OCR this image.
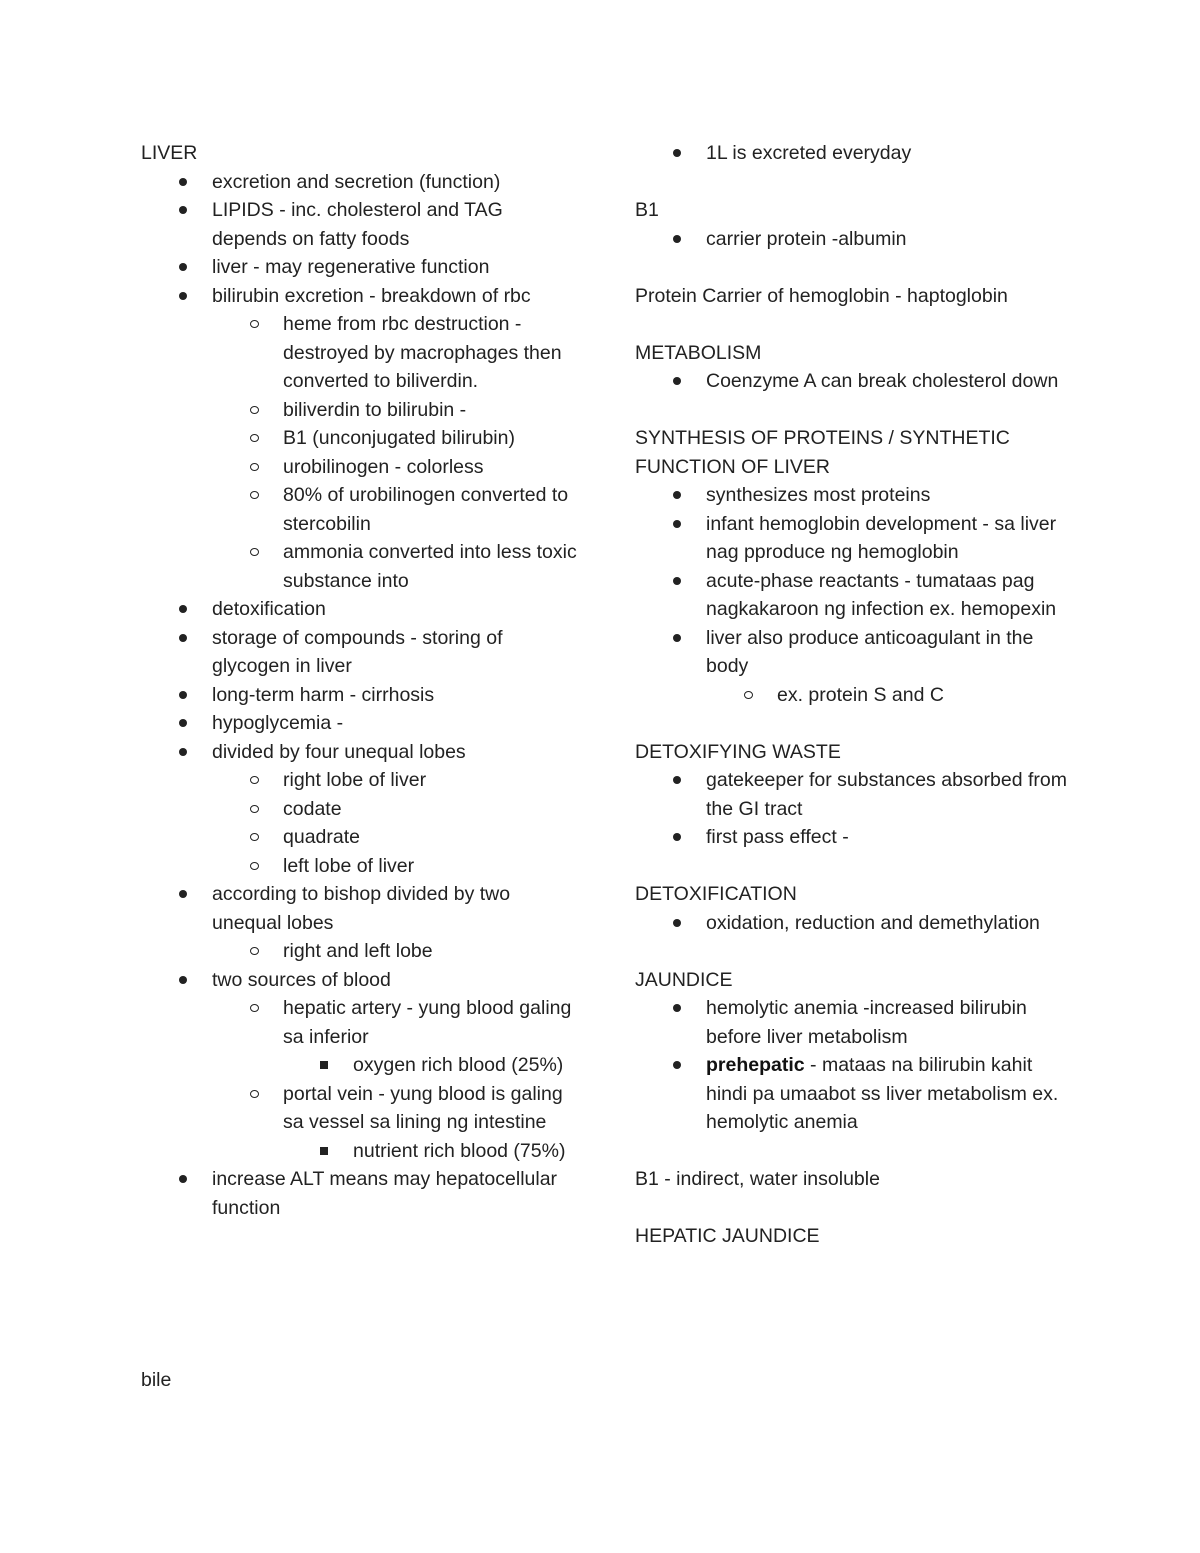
LIVER
excretion and secretion (function)
LIPIDS - inc. cholesterol and TAG depends on fatty foods
liver - may regenerative function
bilirubin excretion - breakdown of rbc
heme from rbc destruction - destroyed by macrophages then converted to biliverdin.
biliverdin to bilirubin -
B1 (unconjugated bilirubin)
urobilinogen - colorless
80% of urobilinogen converted to stercobilin
ammonia converted into less toxic substance into
detoxification
storage of compounds - storing of glycogen in liver
long-term harm - cirrhosis
hypoglycemia -
divided by four unequal lobes
right lobe of liver
codate
quadrate
left lobe of liver
according to bishop divided by two unequal lobes
right and left lobe
two sources of blood
hepatic artery - yung blood galing sa inferior
oxygen rich blood (25%)
portal vein - yung blood is galing sa vessel sa lining ng intestine
nutrient rich blood (75%)
increase ALT means may hepatocellular function
bile
1L is excreted everyday
B1
carrier protein -albumin
Protein Carrier of hemoglobin - haptoglobin
METABOLISM
Coenzyme A can break cholesterol down
SYNTHESIS OF PROTEINS / SYNTHETIC FUNCTION OF LIVER
synthesizes most proteins
infant hemoglobin development - sa liver nag pproduce ng hemoglobin
acute-phase reactants - tumataas pag nagkakaroon ng infection ex. hemopexin
liver also produce anticoagulant in the body
ex. protein S and C
DETOXIFYING WASTE
gatekeeper for substances absorbed from the GI tract
first pass effect -
DETOXIFICATION
oxidation, reduction and demethylation
JAUNDICE
hemolytic anemia -increased bilirubin before liver metabolism
prehepatic - mataas na bilirubin kahit hindi pa umaabot ss liver metabolism ex. hemolytic anemia
B1 - indirect, water insoluble
HEPATIC JAUNDICE
